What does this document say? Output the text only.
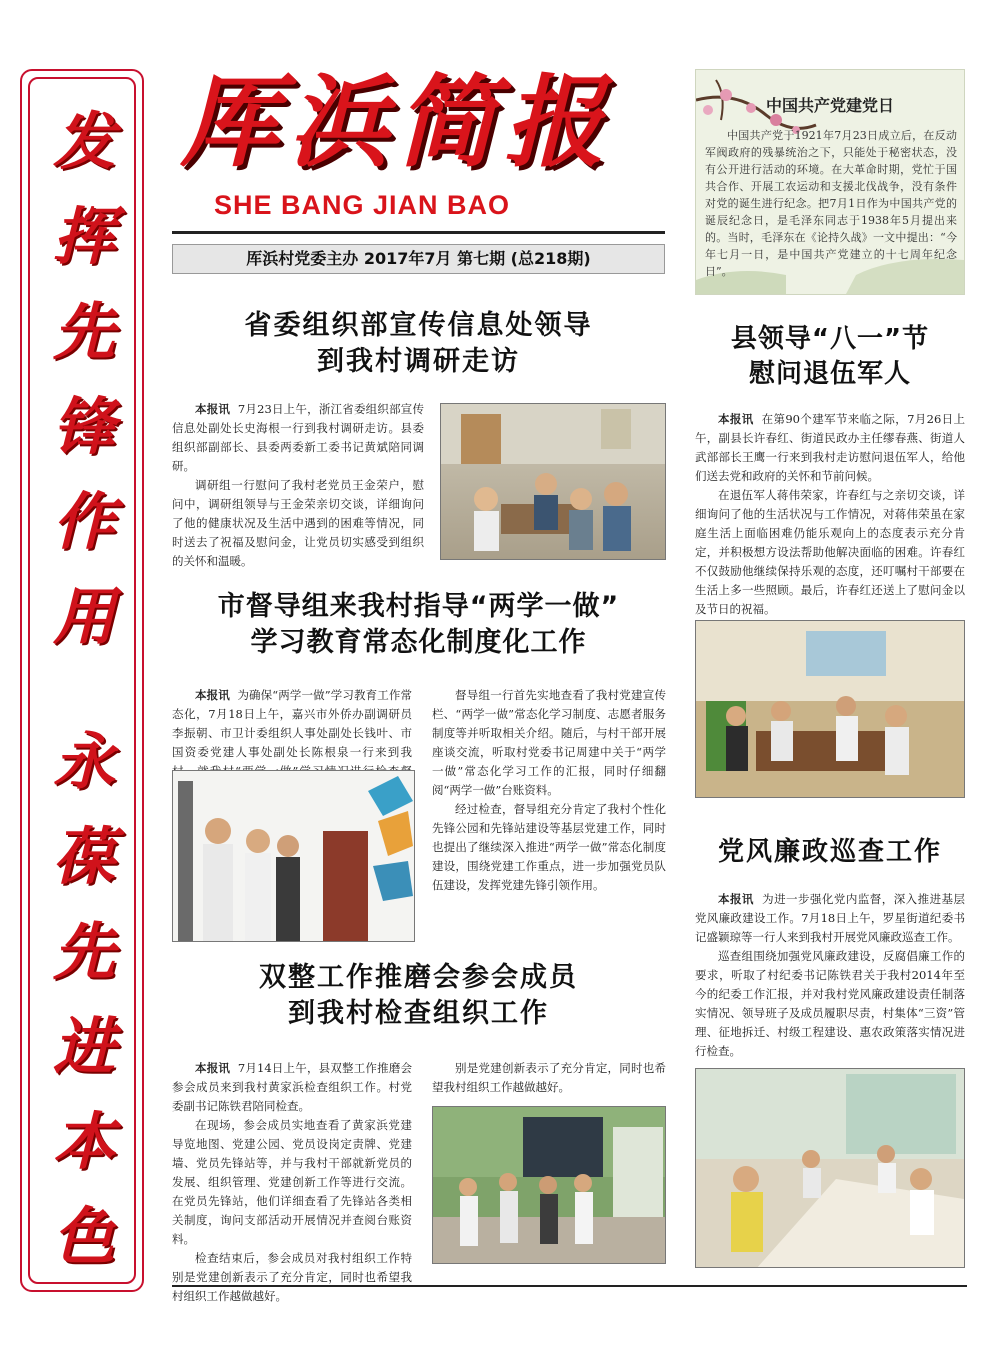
发
挥
先
锋
作
用
永
葆
先
进
本
色
厍浜简报
SHE BANG JIAN BAO
厍浜村党委主办 2017年7月 第七期 (总218期)
中国共产党建党日

中国共产党于1921年7月23日成立后，在反动军阀政府的残暴统治之下，只能处于秘密状态，没有公开进行活动的环境。在大革命时期，党忙于国共合作、开展工农运动和支援北伐战争，没有条件对党的诞生进行纪念。把7月1日作为中国共产党的诞辰纪念日，是毛泽东同志于1938年5月提出来的。当时，毛泽东在《论持久战》一文中提出：“今年七月一日，是中国共产党建立的十七周年纪念日”。

省委组织部宣传信息处领导
到我村调研走访

本报讯 7月23日上午，浙江省委组织部宣传信息处副处长史海根一行到我村调研走访。县委组织部副部长、县委两委新工委书记黄斌陪同调研。

调研组一行慰问了我村老党员王金荣户，慰问中，调研组领导与王金荣亲切交谈，详细询问了他的健康状况及生活中遇到的困难等情况，同时送去了祝福及慰问金，让党员切实感受到组织的关怀和温暖。

市督导组来我村指导“两学一做”
学习教育常态化制度化工作

本报讯 为确保“两学一做”学习教育工作常态化，7月18日上午，嘉兴市外侨办副调研员李振朝、市卫计委组织人事处副处长钱叶、市国资委党建人事处副处长陈根泉一行来到我

督导组一行首先实地查看了我村党建宣传栏、“两学一做”常态化学习制度、志愿者服务制度等并听取相关介绍。随后，与村干部开展座谈交流，听取村党委书记周建中关于“两学一做”常态化学习工作的汇报，同时仔细翻阅“两学一做”台账资料。

经过检查，督导组充分肯定了我村个性化先锋公园和先锋站建设等基层党建工作，同时也提出了继续深入推进“两学一做”常态化制度建设，围绕党建工作重点，进一步加强党员队伍建设，发挥党建先锋引领作用。

双整工作推磨会参会成员
到我村检查组织工作

本报讯 7月14日上午，县双整工作推磨会参会成员来到我村黄家浜检查组织工作。村党委副书记陈铁君陪同检查。

在现场，参会成员实地查看了黄家浜党建导览地图、党建公园、党员设岗定责牌、党建墙、党员先锋站等，并与我村干部就新党员的发展、组织管理、党建创新工作等进行交流。在党员先锋站，他们详细查看了先锋站各类相关制度，询问支部活动开展情况并查阅台账资料。

检查结束后，参会成员对我村组织工作特别是党建创新表示了充分肯定，同时也希望我村组织工作越做越好。

别是党建创新表示了充分肯定，同时也希望我村组织工作越做越好。

县领导“八一”节
慰问退伍军人

本报讯 在第90个建军节来临之际，7月26日上午，副县长许春红、街道民政办主任缪春燕、街道人武部部长王鹰一行来到我村走访慰问退伍军人，给他们送去党和政府的关怀和节前问候。

在退伍军人蒋伟荣家，许春红与之亲切交谈，详细询问了他的生活状况与工作情况，对蒋伟荣虽在家庭生活上面临困难仍能乐观向上的态度表示充分肯定，并积极想方设法帮助他解决面临的困难。许春红不仅鼓励他继续保持乐观的态度，还叮嘱村干部要在生活上多一些照顾。最后，许春红还送上了慰问金以及节日的祝福。

党风廉政巡查工作

本报讯 为进一步强化党内监督，深入推进基层党风廉政建设工作。7月18日上午，罗星街道纪委书记盛颖琼等一行人来到我村开展党风廉政巡查工作。

巡查组围绕加强党风廉政建设，反腐倡廉工作的要求，听取了村纪委书记陈铁君关于我村2014年至今的纪委工作汇报，并对我村党风廉政建设责任制落实情况、领导班子及成员履职尽责，村集体“三资”管理、征地拆迁、村级工程建设、惠农政策落实情况进行检查。
